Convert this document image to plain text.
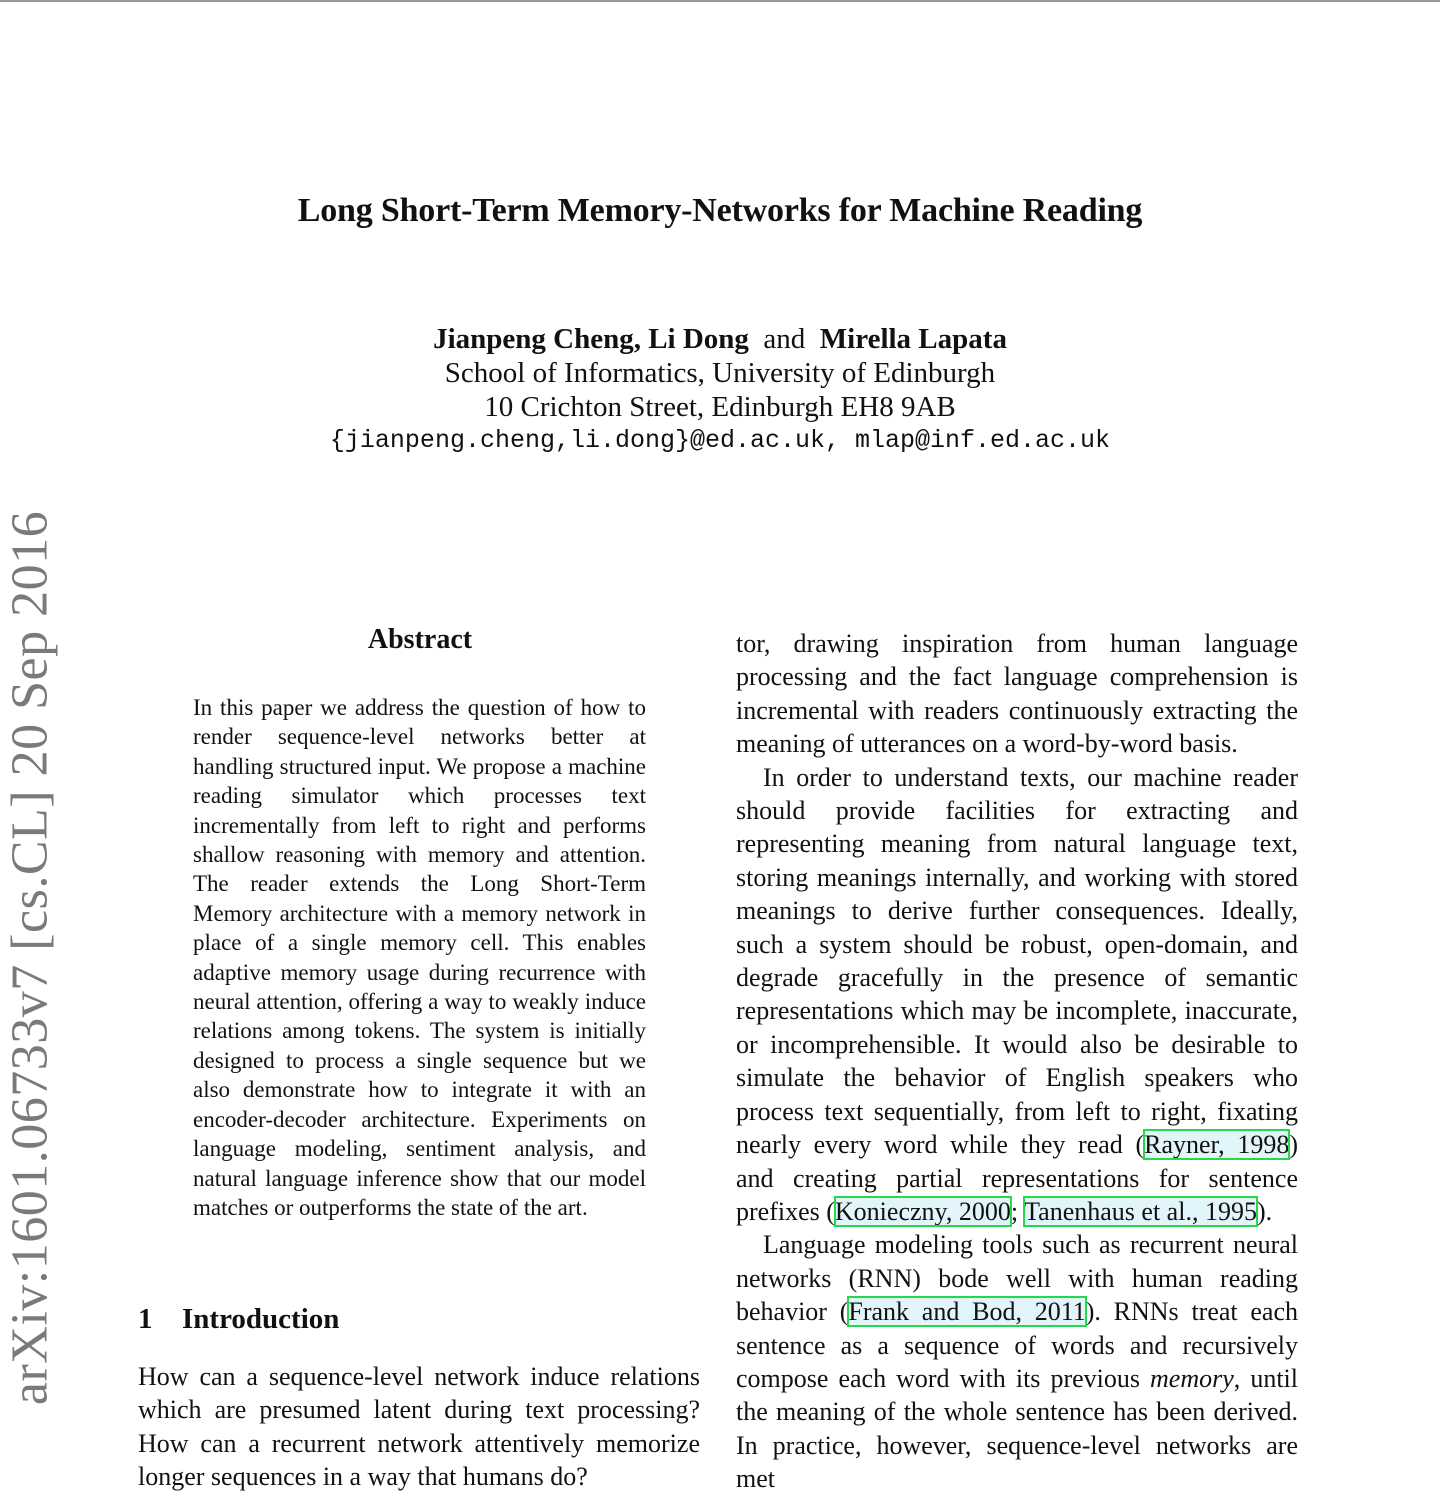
arXiv:1601.06733v7 [cs.CL] 20 Sep 2016
Long Short-Term Memory-Networks for Machine Reading
Jianpeng Cheng, Li Dong and Mirella Lapata
School of Informatics, University of Edinburgh
10 Crichton Street, Edinburgh EH8 9AB
{jianpeng.cheng,li.dong}@ed.ac.uk, mlap@inf.ed.ac.uk
Abstract

In this paper we address the question of how to render sequence-level networks better at handling structured input. We propose a machine reading simulator which processes text incrementally from left to right and performs shallow reasoning with memory and attention. The reader extends the Long Short-Term Memory architecture with a memory network in place of a single memory cell. This enables adaptive memory usage during recurrence with neural attention, offering a way to weakly induce relations among tokens. The system is initially designed to process a single sequence but we also demonstrate how to integrate it with an encoder-decoder architecture. Experiments on language modeling, sentiment analysis, and natural language inference show that our model matches or outperforms the state of the art.

1 Introduction

How can a sequence-level network induce relations which are presumed latent during text processing? How can a recurrent network attentively memorize longer sequences in a way that humans do?

tor, drawing inspiration from human language processing and the fact language comprehension is incremental with readers continuously extracting the meaning of utterances on a word-by-word basis.

In order to understand texts, our machine reader should provide facilities for extracting and representing meaning from natural language text, storing meanings internally, and working with stored meanings to derive further consequences. Ideally, such a system should be robust, open-domain, and degrade gracefully in the presence of semantic representations which may be incomplete, inaccurate, or incomprehensible. It would also be desirable to simulate the behavior of English speakers who process text sequentially, from left to right, fixating nearly every word while they read (Rayner, 1998) and creating partial representations for sentence prefixes (Konieczny, 2000; Tanenhaus et al., 1995).

Language modeling tools such as recurrent neural networks (RNN) bode well with human reading behavior (Frank and Bod, 2011). RNNs treat each sentence as a sequence of words and recursively compose each word with its previous memory, until the meaning of the whole sentence has been derived. In practice, however, sequence-level networks are met
